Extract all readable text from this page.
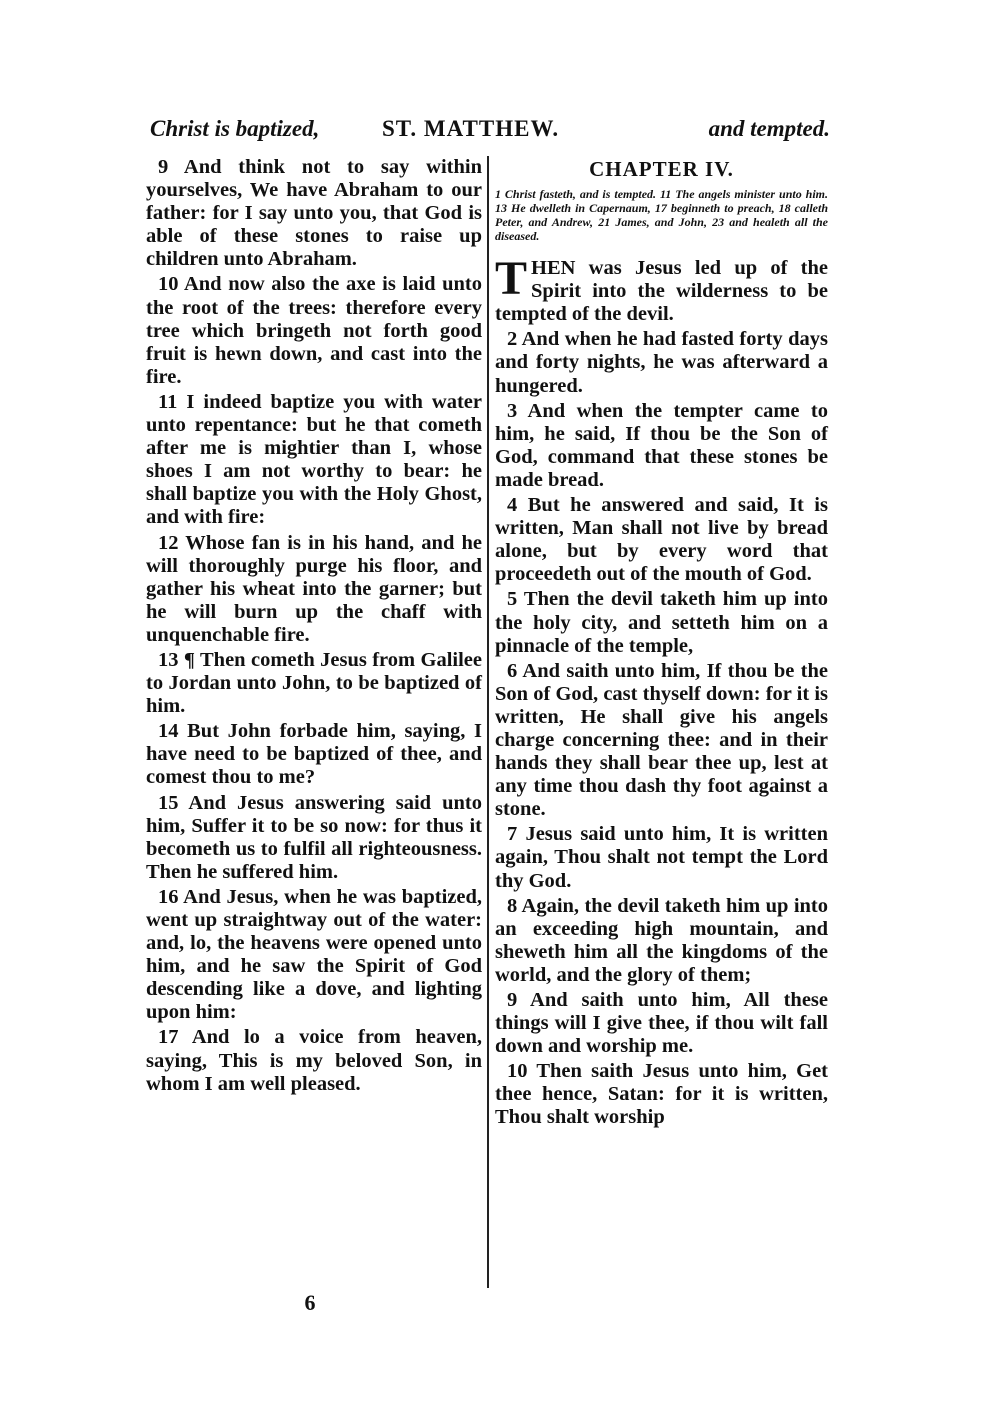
Christ is baptized,	ST. MATTHEW.	and tempted.

9 And think not to say within yourselves, We have Abraham to our father: for I say unto you, that God is able of these stones to raise up children unto Abraham.

10 And now also the axe is laid unto the root of the trees: therefore every tree which bringeth not forth good fruit is hewn down, and cast into the fire.

11 I indeed baptize you with water unto repentance: but he that cometh after me is mightier than I, whose shoes I am not worthy to bear: he shall baptize you with the Holy Ghost, and with fire:

12 Whose fan is in his hand, and he will thoroughly purge his floor, and gather his wheat into the garner; but he will burn up the chaff with unquenchable fire.

13 ¶ Then cometh Jesus from Galilee to Jordan unto John, to be baptized of him.

14 But John forbade him, saying, I have need to be baptized of thee, and comest thou to me?

15 And Jesus answering said unto him, Suffer it to be so now: for thus it becometh us to fulfil all righteousness. Then he suffered him.

16 And Jesus, when he was baptized, went up straightway out of the water: and, lo, the heavens were opened unto him, and he saw the Spirit of God descending like a dove, and lighting upon him:

17 And lo a voice from heaven, saying, This is my beloved Son, in whom I am well pleased.

CHAPTER IV.
1 Christ fasteth, and is tempted. 11 The angels minister unto him. 13 He dwelleth in Capernaum, 17 beginneth to preach, 18 calleth Peter, and Andrew, 21 James, and John, 23 and healeth all the diseased.

THEN was Jesus led up of the Spirit into the wilderness to be tempted of the devil.

2 And when he had fasted forty days and forty nights, he was afterward a hungered.

3 And when the tempter came to him, he said, If thou be the Son of God, command that these stones be made bread.

4 But he answered and said, It is written, Man shall not live by bread alone, but by every word that proceedeth out of the mouth of God.

5 Then the devil taketh him up into the holy city, and setteth him on a pinnacle of the temple,

6 And saith unto him, If thou be the Son of God, cast thyself down: for it is written, He shall give his angels charge concerning thee: and in their hands they shall bear thee up, lest at any time thou dash thy foot against a stone.

7 Jesus said unto him, It is written again, Thou shalt not tempt the Lord thy God.

8 Again, the devil taketh him up into an exceeding high mountain, and sheweth him all the kingdoms of the world, and the glory of them;

9 And saith unto him, All these things will I give thee, if thou wilt fall down and worship me.

10 Then saith Jesus unto him, Get thee hence, Satan: for it is written, Thou shalt worship

6
